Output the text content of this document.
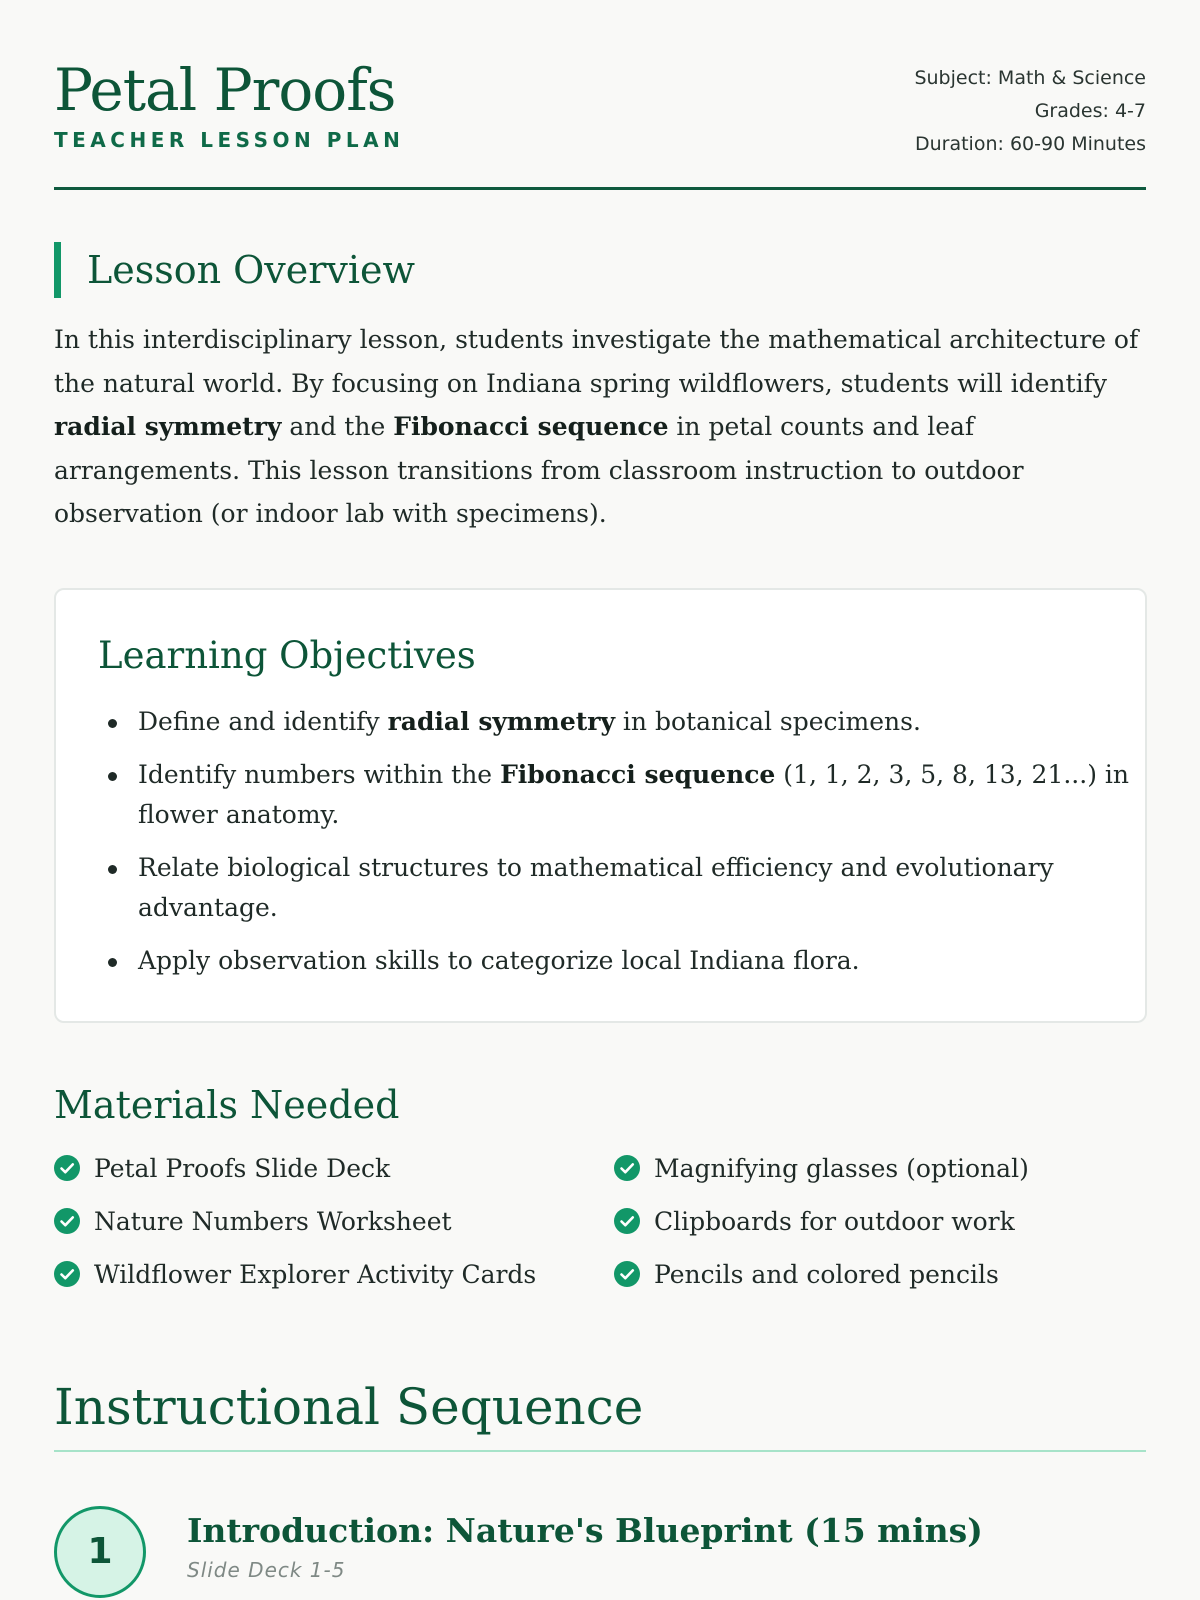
Petal Proofs
TEACHER LESSON PLAN
Subject: Math & Science
Grades: 4-7
Duration: 60-90 Minutes
Lesson Overview

In this interdisciplinary lesson, students investigate the mathematical architecture of the natural world. By focusing on Indiana spring wildflowers, students will identify radial symmetry and the Fibonacci sequence in petal counts and leaf arrangements. This lesson transitions from classroom instruction to outdoor observation (or indoor lab with specimens).

Learning Objectives
Define and identify radial symmetry in botanical specimens.
Identify numbers within the Fibonacci sequence (1, 1, 2, 3, 5, 8, 13, 21...) in flower anatomy.
Relate biological structures to mathematical efficiency and evolutionary advantage.
Apply observation skills to categorize local Indiana flora.
Materials Needed
Petal Proofs Slide Deck	Magnifying glasses (optional)
Nature Numbers Worksheet	Clipboards for outdoor work
Wildflower Explorer Activity Cards	Pencils and colored pencils
Instructional Sequence
1
Introduction: Nature's Blueprint (15 mins)
Slide Deck 1-5
